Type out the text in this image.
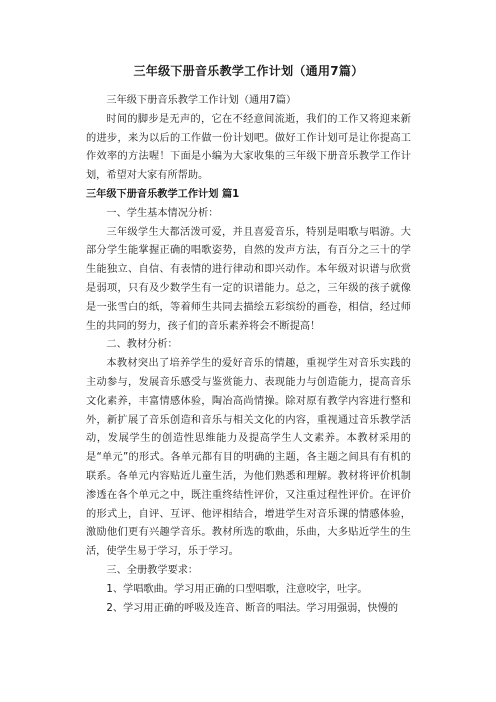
三年级下册音乐教学工作计划（通用7篇）

三年级下册音乐教学工作计划（通用7篇）

时间的脚步是无声的，它在不经意间流逝，我们的工作又将迎来新的进步，来为以后的工作做一份计划吧。做好工作计划可是让你提高工作效率的方法喔！下面是小编为大家收集的三年级下册音乐教学工作计划，希望对大家有所帮助。

三年级下册音乐教学工作计划 篇1

一、学生基本情况分析：

三年级学生大都活泼可爱，并且喜爱音乐，特别是唱歌与唱游。大部分学生能掌握正确的唱歌姿势，自然的发声方法，有百分之三十的学生能独立、自信、有表情的进行律动和即兴动作。本年级对识谱与欣赏是弱项，只有及少数学生有一定的识谱能力。总之，三年级的孩子就像是一张雪白的纸，等着师生共同去描绘五彩缤纷的画卷，相信，经过师生的共同的努力，孩子们的音乐素养将会不断提高！

二、教材分析：

本教材突出了培养学生的爱好音乐的情趣，重视学生对音乐实践的主动参与，发展音乐感受与鉴赏能力、表现能力与创造能力，提高音乐文化素养，丰富情感体验，陶冶高尚情操。除对原有教学内容进行整和外，新扩展了音乐创造和音乐与相关文化的内容，重视通过音乐教学活动，发展学生的创造性思维能力及提高学生人文素养。本教材采用的是“单元”的形式。各单元都有目的明确的主题，各主题之间具有有机的联系。各单元内容贴近儿童生活，为他们熟悉和理解。教材将评价机制渗透在各个单元之中，既注重终结性评价，又注重过程性评价。在评价的形式上，自评、互评、他评相结合，增进学生对音乐课的情感体验，激励他们更有兴趣学音乐。教材所选的歌曲，乐曲，大多贴近学生的生活，使学生易于学习，乐于学习。

三、全册教学要求：

1、学唱歌曲。学习用正确的口型唱歌，注意咬字，吐字。

2、学习用正确的呼吸及连音、断音的唱法。学习用强弱，快慢的
